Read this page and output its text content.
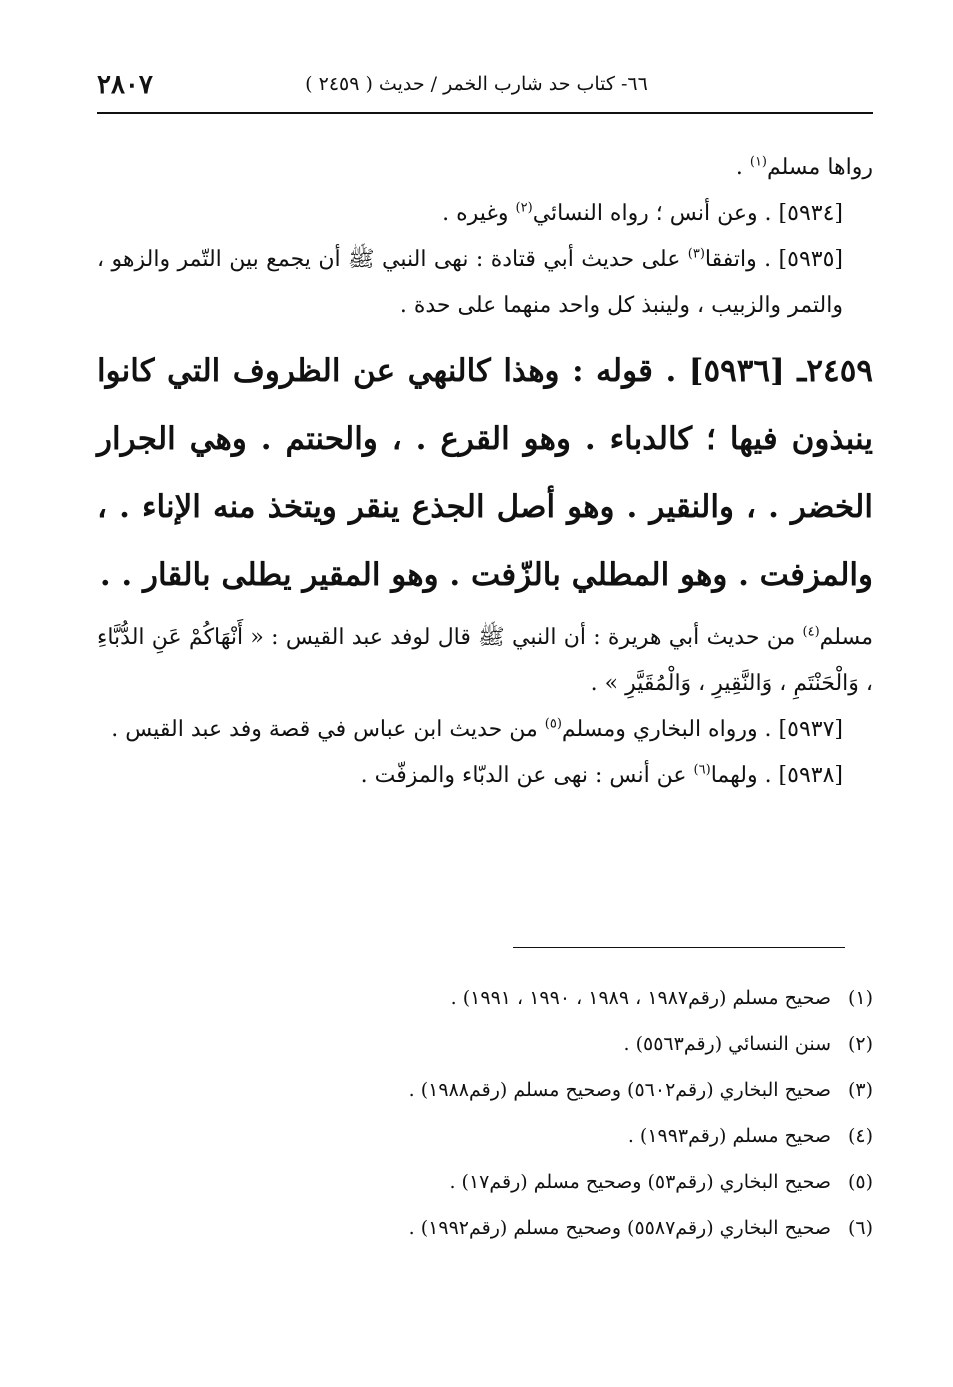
٢٨٠٧	٦٦- كتاب حد شارب الخمر / حديث ( ٢٤٥٩ )

رواها مسلم$^{(١)}$ .

[٥٩٣٤] . وعن أنس ؛ رواه النسائي$^{(٢)}$ وغيره .

[٥٩٣٥] . واتفقا$^{(٣)}$ على حديث أبي قتادة : نهى النبي ﷺ أن يجمع بين التّمر والزهو ، والتمر والزبيب ، ولينبذ كل واحد منهما على حدة .

٢٤٥٩ـ [٥٩٣٦] . قوله : وهذا كالنهي عن الظروف التي كانوا ينبذون فيها ؛ كالدباء . وهو القرع . ، والحنتم . وهي الجرار الخضر . ، والنقير . وهو أصل الجذع ينقر ويتخذ منه الإناء . ، والمزفت . وهو المطلي بالزّفت . وهو المقير يطلى بالقار . .

مسلم$^{(٤)}$ من حديث أبي هريرة : أن النبي ﷺ قال لوفد عبد القيس : « أَنْهَاكُمْ عَنِ الدُّبَّاءِ ، وَالْحَنْتَمِ ، وَالنَّقِيرِ ، وَالْمُقَيَّرِ » .

[٥٩٣٧] . ورواه البخاري ومسلم$^{(٥)}$ من حديث ابن عباس في قصة وفد عبد القيس .

[٥٩٣٨] . ولهما$^{(٦)}$ عن أنس : نهى عن الدبّاء والمزفّت .

(١)صحيح مسلم (رقم١٩٨٧ ، ١٩٨٩ ، ١٩٩٠ ، ١٩٩١) .

(٢)سنن النسائي (رقم٥٥٦٣) .

(٣)صحيح البخاري (رقم٥٦٠٢) وصحيح مسلم (رقم١٩٨٨) .

(٤)صحيح مسلم (رقم١٩٩٣) .

(٥)صحيح البخاري (رقم٥٣) وصحيح مسلم (رقم١٧) .

(٦)صحيح البخاري (رقم٥٥٨٧) وصحيح مسلم (رقم١٩٩٢) .
